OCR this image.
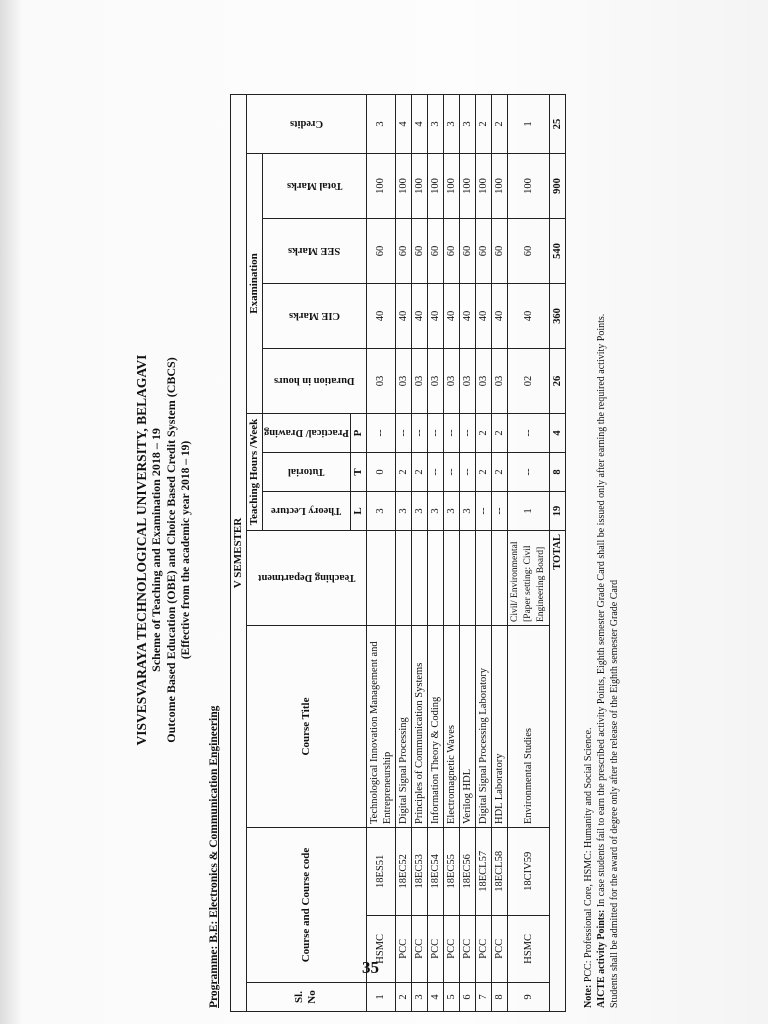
VISVESVARAYA TECHNOLOGICAL UNIVERSITY, BELAGAVI Scheme of Teaching and Examination 2018 – 19 Outcome Based Education (OBE) and Choice Based Credit System (CBCS) (Effective from the academic year 2018 – 19)
Programme: B.E: Electronics & Communication Engineering
V SEMESTER												
Sl. No	Course and Course code		Course Title	Teaching Department	Teaching Hours /Week			Examination				Credits

					Theory Lecture	Tutorial	Practical/ Drawing	Duration in hours	CIE Marks	SEE Marks	Total Marks	

					L	T	P					
1	HSMC	18ES51	Technological Innovation Management and Entrepreneurship		3	0	--	03	40	60	100	3
2	PCC	18EC52	Digital Signal Processing		3	2	--	03	40	60	100	4
3	PCC	18EC53	Principles of Communication Systems		3	2	--	03	40	60	100	4
4	PCC	18EC54	Information Theory & Coding		3	--	--	03	40	60	100	3
5	PCC	18EC55	Electromagnetic Waves		3	--	--	03	40	60	100	3
6	PCC	18EC56	Verilog HDL		3	--	--	03	40	60	100	3
7	PCC	18ECL57	Digital Signal Processing Laboratory		--	2	2	03	40	60	100	2
8	PCC	18ECL58	HDL Laboratory		--	2	2	03	40	60	100	2
9	HSMC	18CIV59	Environmental Studies	Civil/ Environmental [Paper setting: Civil Engineering Board]	1	--	--	02	40	60	100	1
TOTAL					19	8	4	26	360	540	900	25
Note: PCC: Professional Core, HSMC: Humanity and Social Science. AICTE activity Points: In case students fail to earn the prescribed activity Points, Eighth semester Grade Card shall be issued only after earning the required activity Points. Students shall be admitted for the award of degree only after the release of the Eighth semester Grade Card
35
